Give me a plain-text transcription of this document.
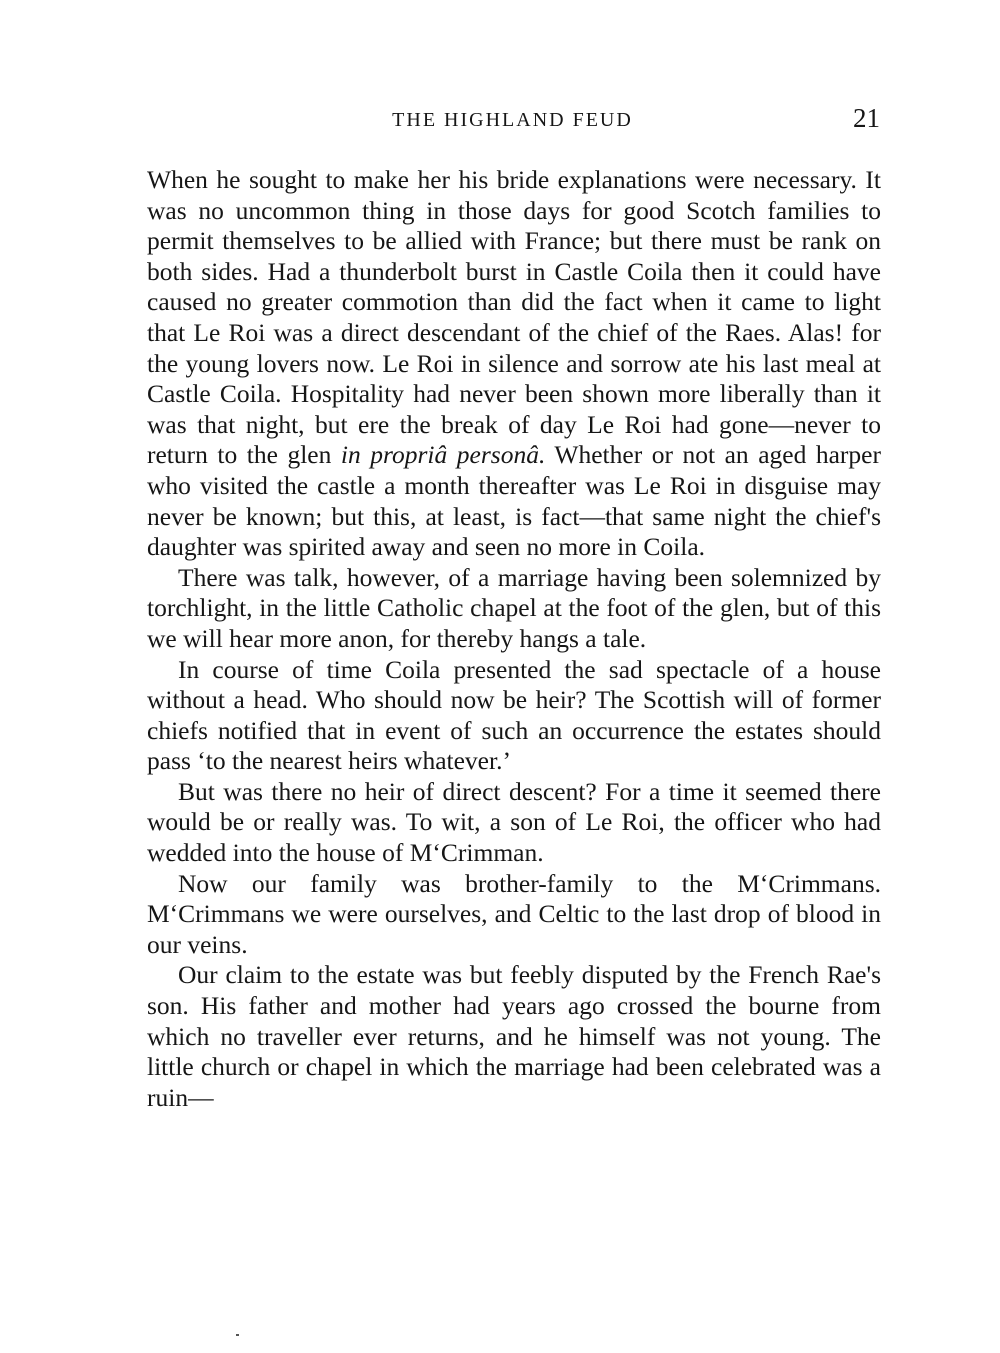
THE HIGHLAND FEUD	21

When he sought to make her his bride explanations were necessary. It was no uncommon thing in those days for good Scotch families to permit themselves to be allied with France; but there must be rank on both sides. Had a thunderbolt burst in Castle Coila then it could have caused no greater commotion than did the fact when it came to light that Le Roi was a direct descendant of the chief of the Raes. Alas! for the young lovers now. Le Roi in silence and sorrow ate his last meal at Castle Coila. Hospitality had never been shown more liberally than it was that night, but ere the break of day Le Roi had gone—never to return to the glen in propriâ personâ. Whether or not an aged harper who visited the castle a month thereafter was Le Roi in disguise may never be known; but this, at least, is fact—that same night the chief's daughter was spirited away and seen no more in Coila.

There was talk, however, of a marriage having been solemnized by torchlight, in the little Catholic chapel at the foot of the glen, but of this we will hear more anon, for thereby hangs a tale.

In course of time Coila presented the sad spectacle of a house without a head. Who should now be heir? The Scottish will of former chiefs notified that in event of such an occurrence the estates should pass ‘to the nearest heirs whatever.’

But was there no heir of direct descent? For a time it seemed there would be or really was. To wit, a son of Le Roi, the officer who had wedded into the house of M‘Crimman.

Now our family was brother-family to the M‘Crimmans. M‘Crimmans we were ourselves, and Celtic to the last drop of blood in our veins.

Our claim to the estate was but feebly disputed by the French Rae's son. His father and mother had years ago crossed the bourne from which no traveller ever returns, and he himself was not young. The little church or chapel in which the marriage had been celebrated was a ruin—
